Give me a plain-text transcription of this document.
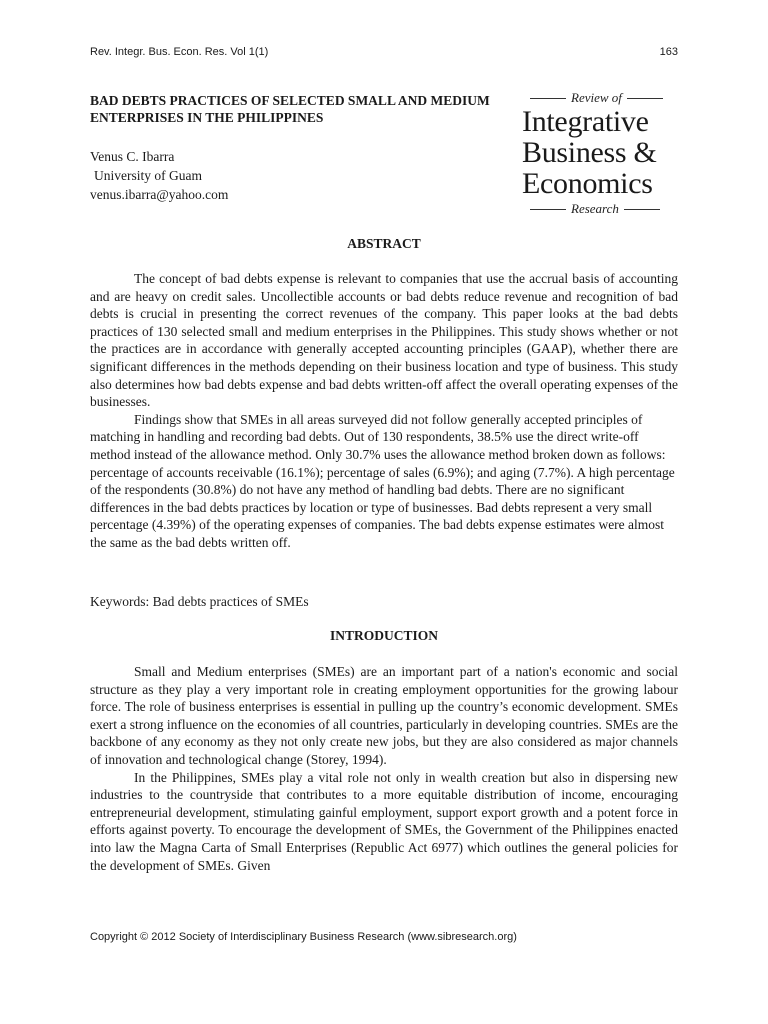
Rev. Integr. Bus. Econ. Res. Vol 1(1)	163
BAD DEBTS PRACTICES OF SELECTED SMALL AND MEDIUM ENTERPRISES IN THE PHILIPPINES
Venus C. Ibarra
University of Guam
venus.ibarra@yahoo.com
Review of
Integrative
Business &
Economics
Research
ABSTRACT

The concept of bad debts expense is relevant to companies that use the accrual basis of accounting and are heavy on credit sales. Uncollectible accounts or bad debts reduce revenue and recognition of bad debts is crucial in presenting the correct revenues of the company. This paper looks at the bad debts practices of 130 selected small and medium enterprises in the Philippines. This study shows whether or not the practices are in accordance with generally accepted accounting principles (GAAP), whether there are significant differences in the methods depending on their business location and type of business. This study also determines how bad debts expense and bad debts written-off affect the overall operating expenses of the businesses.

Findings show that SMEs in all areas surveyed did not follow generally accepted principles of matching in handling and recording bad debts. Out of 130 respondents, 38.5% use the direct write-off method instead of the allowance method. Only 30.7% uses the allowance method broken down as follows: percentage of accounts receivable (16.1%); percentage of sales (6.9%); and aging (7.7%). A high percentage of the respondents (30.8%) do not have any method of handling bad debts. There are no significant differences in the bad debts practices by location or type of businesses. Bad debts represent a very small percentage (4.39%) of the operating expenses of companies. The bad debts expense estimates were almost the same as the bad debts written off.

Keywords: Bad debts practices of SMEs
INTRODUCTION

Small and Medium enterprises (SMEs) are an important part of a nation's economic and social structure as they play a very important role in creating employment opportunities for the growing labour force. The role of business enterprises is essential in pulling up the country’s economic development. SMEs exert a strong influence on the economies of all countries, particularly in developing countries. SMEs are the backbone of any economy as they not only create new jobs, but they are also considered as major channels of innovation and technological change (Storey, 1994).

In the Philippines, SMEs play a vital role not only in wealth creation but also in dispersing new industries to the countryside that contributes to a more equitable distribution of income, encouraging entrepreneurial development, stimulating gainful employment, support export growth and a potent force in efforts against poverty. To encourage the development of SMEs, the Government of the Philippines enacted into law the Magna Carta of Small Enterprises (Republic Act 6977) which outlines the general policies for the development of SMEs. Given

Copyright © 2012 Society of Interdisciplinary Business Research (www.sibresearch.org)
